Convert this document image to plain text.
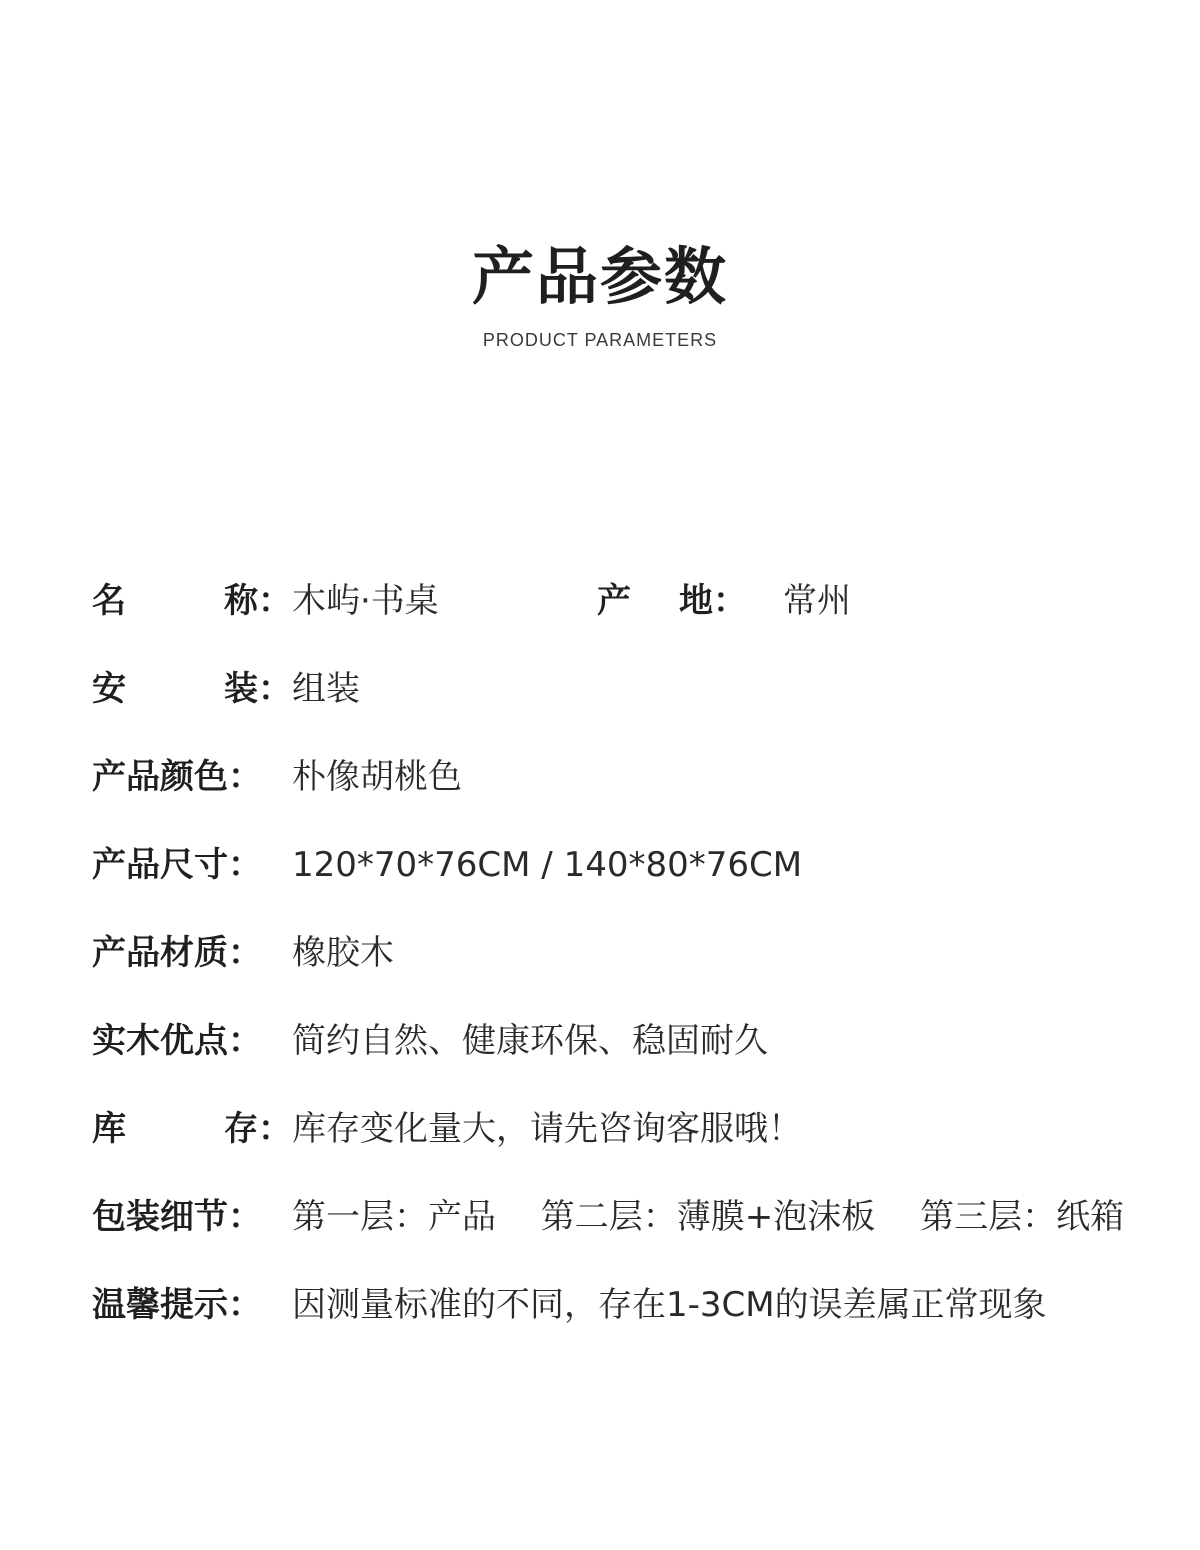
产品参数
PRODUCT PARAMETERS
名	称： 木屿·书桌	产 地： 常州
安	装： 组装
产品颜色： 朴像胡桃色
产品尺寸： 120*70*76CM / 140*80*76CM
产品材质： 橡胶木
实木优点： 简约自然、健康环保、稳固耐久
库	存： 库存变化量大，请先咨询客服哦！
包装细节： 第一层：产品　 第二层：薄膜+泡沫板　 第三层：纸箱
温馨提示： 因测量标准的不同，存在1-3CM的误差属正常现象
